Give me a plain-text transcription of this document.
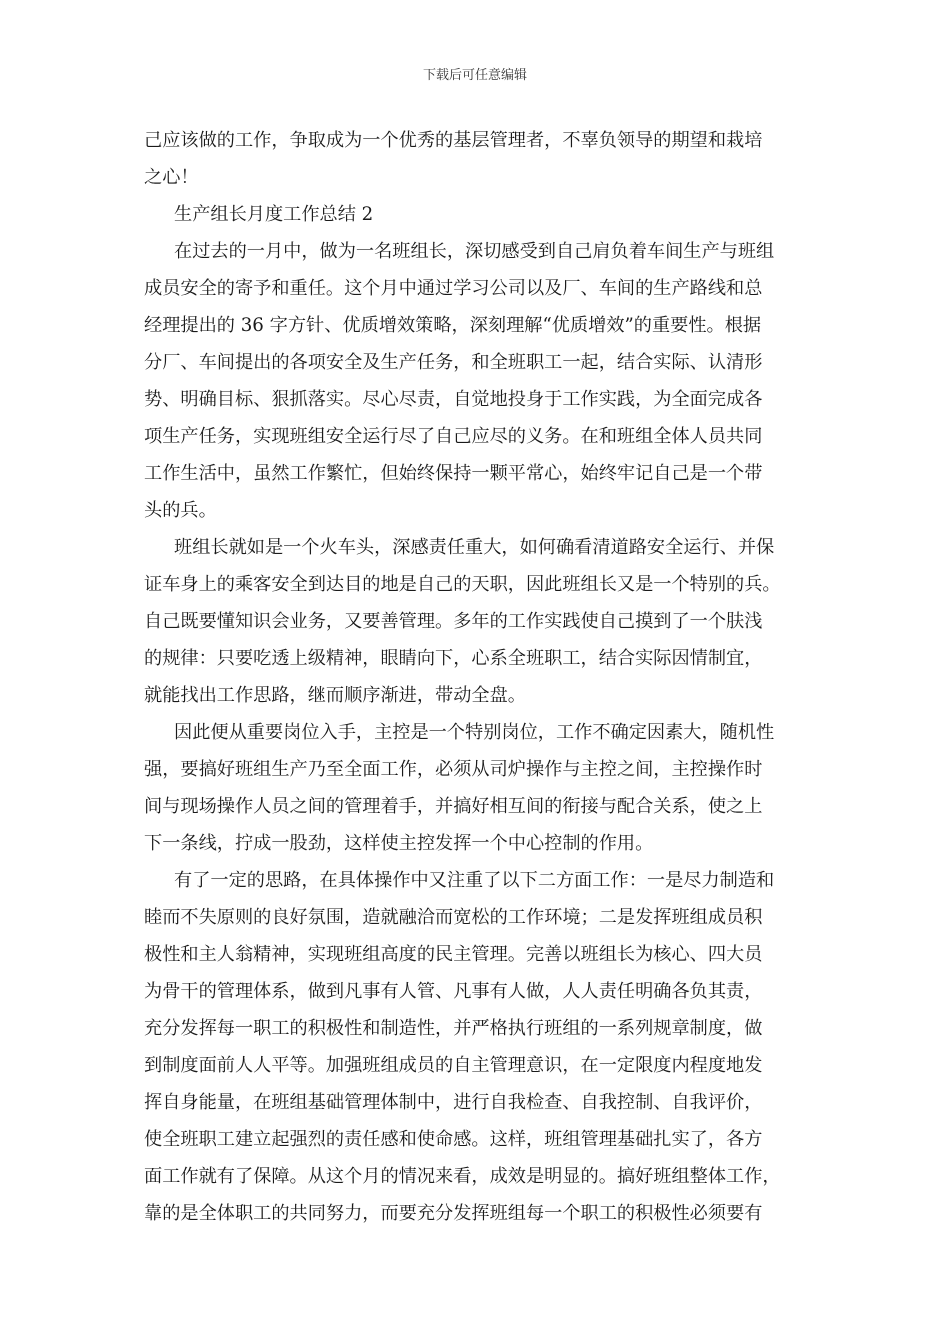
下载后可任意编辑
己应该做的工作，争取成为一个优秀的基层管理者，不辜负领导的期望和栽培
之心！
生产组长月度工作总结 2
在过去的一月中，做为一名班组长，深切感受到自己肩负着车间生产与班组
成员安全的寄予和重任。这个月中通过学习公司以及厂、车间的生产路线和总
经理提出的 36 字方针、优质增效策略，深刻理解“优质增效”的重要性。根据
分厂、车间提出的各项安全及生产任务，和全班职工一起，结合实际、认清形
势、明确目标、狠抓落实。尽心尽责，自觉地投身于工作实践，为全面完成各
项生产任务，实现班组安全运行尽了自己应尽的义务。在和班组全体人员共同
工作生活中，虽然工作繁忙，但始终保持一颗平常心，始终牢记自己是一个带
头的兵。
班组长就如是一个火车头，深感责任重大，如何确看清道路安全运行、并保
证车身上的乘客安全到达目的地是自己的天职，因此班组长又是一个特别的兵。
自己既要懂知识会业务，又要善管理。多年的工作实践使自己摸到了一个肤浅
的规律：只要吃透上级精神，眼睛向下，心系全班职工，结合实际因情制宜，
就能找出工作思路，继而顺序渐进，带动全盘。
因此便从重要岗位入手，主控是一个特别岗位，工作不确定因素大，随机性
强，要搞好班组生产乃至全面工作，必须从司炉操作与主控之间，主控操作时
间与现场操作人员之间的管理着手，并搞好相互间的衔接与配合关系，使之上
下一条线，拧成一股劲，这样使主控发挥一个中心控制的作用。
有了一定的思路，在具体操作中又注重了以下二方面工作：一是尽力制造和
睦而不失原则的良好氛围，造就融洽而宽松的工作环境；二是发挥班组成员积
极性和主人翁精神，实现班组高度的民主管理。完善以班组长为核心、四大员
为骨干的管理体系，做到凡事有人管、凡事有人做，人人责任明确各负其责，
充分发挥每一职工的积极性和制造性，并严格执行班组的一系列规章制度，做
到制度面前人人平等。加强班组成员的自主管理意识，在一定限度内程度地发
挥自身能量，在班组基础管理体制中，进行自我检查、自我控制、自我评价，
使全班职工建立起强烈的责任感和使命感。这样，班组管理基础扎实了，各方
面工作就有了保障。从这个月的情况来看，成效是明显的。搞好班组整体工作，
靠的是全体职工的共同努力，而要充分发挥班组每一个职工的积极性必须要有
